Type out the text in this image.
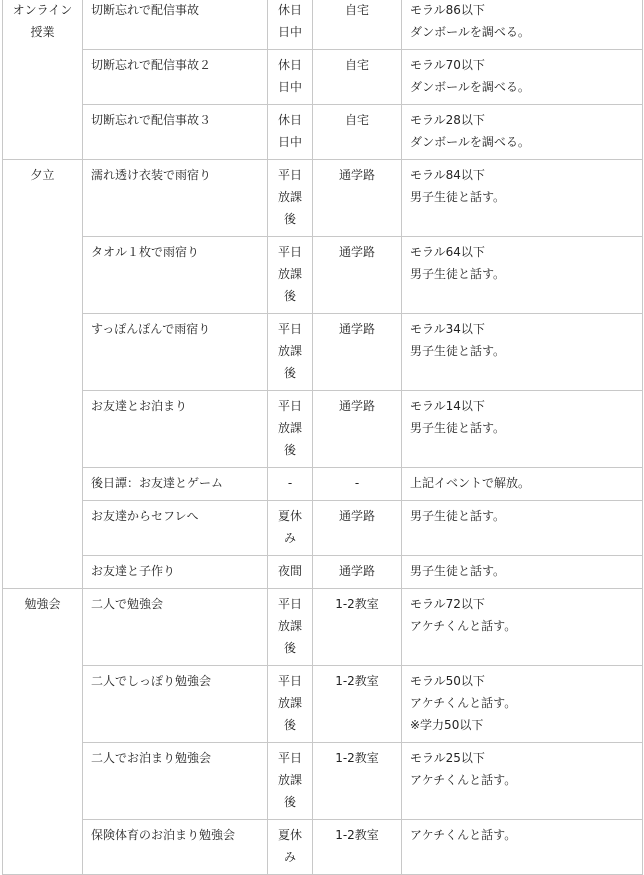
オンライン授業	切断忘れで配信事故	休日
日中	自宅	モラル86以下
ダンボールを調べる。

	切断忘れで配信事故２	休日
日中	自宅	モラル70以下
ダンボールを調べる。

	切断忘れで配信事故３	休日
日中	自宅	モラル28以下
ダンボールを調べる。

夕立	濡れ透け衣装で雨宿り	平日
放課後	通学路	モラル84以下
男子生徒と話す。

	タオル１枚で雨宿り	平日
放課後	通学路	モラル64以下
男子生徒と話す。

	すっぽんぽんで雨宿り	平日
放課後	通学路	モラル34以下
男子生徒と話す。

	お友達とお泊まり	平日
放課後	通学路	モラル14以下
男子生徒と話す。

	後日譚：お友達とゲーム	-	-	上記イベントで解放。

	お友達からセフレへ	夏休み	通学路	男子生徒と話す。

	お友達と子作り	夜間	通学路	男子生徒と話す。

勉強会	二人で勉強会	平日
放課後	1-2教室	モラル72以下
アケチくんと話す。

	二人でしっぽり勉強会	平日
放課後	1-2教室	モラル50以下
アケチくんと話す。
※学力50以下

	二人でお泊まり勉強会	平日
放課後	1-2教室	モラル25以下
アケチくんと話す。

	保険体育のお泊まり勉強会	夏休み	1-2教室	アケチくんと話す。
